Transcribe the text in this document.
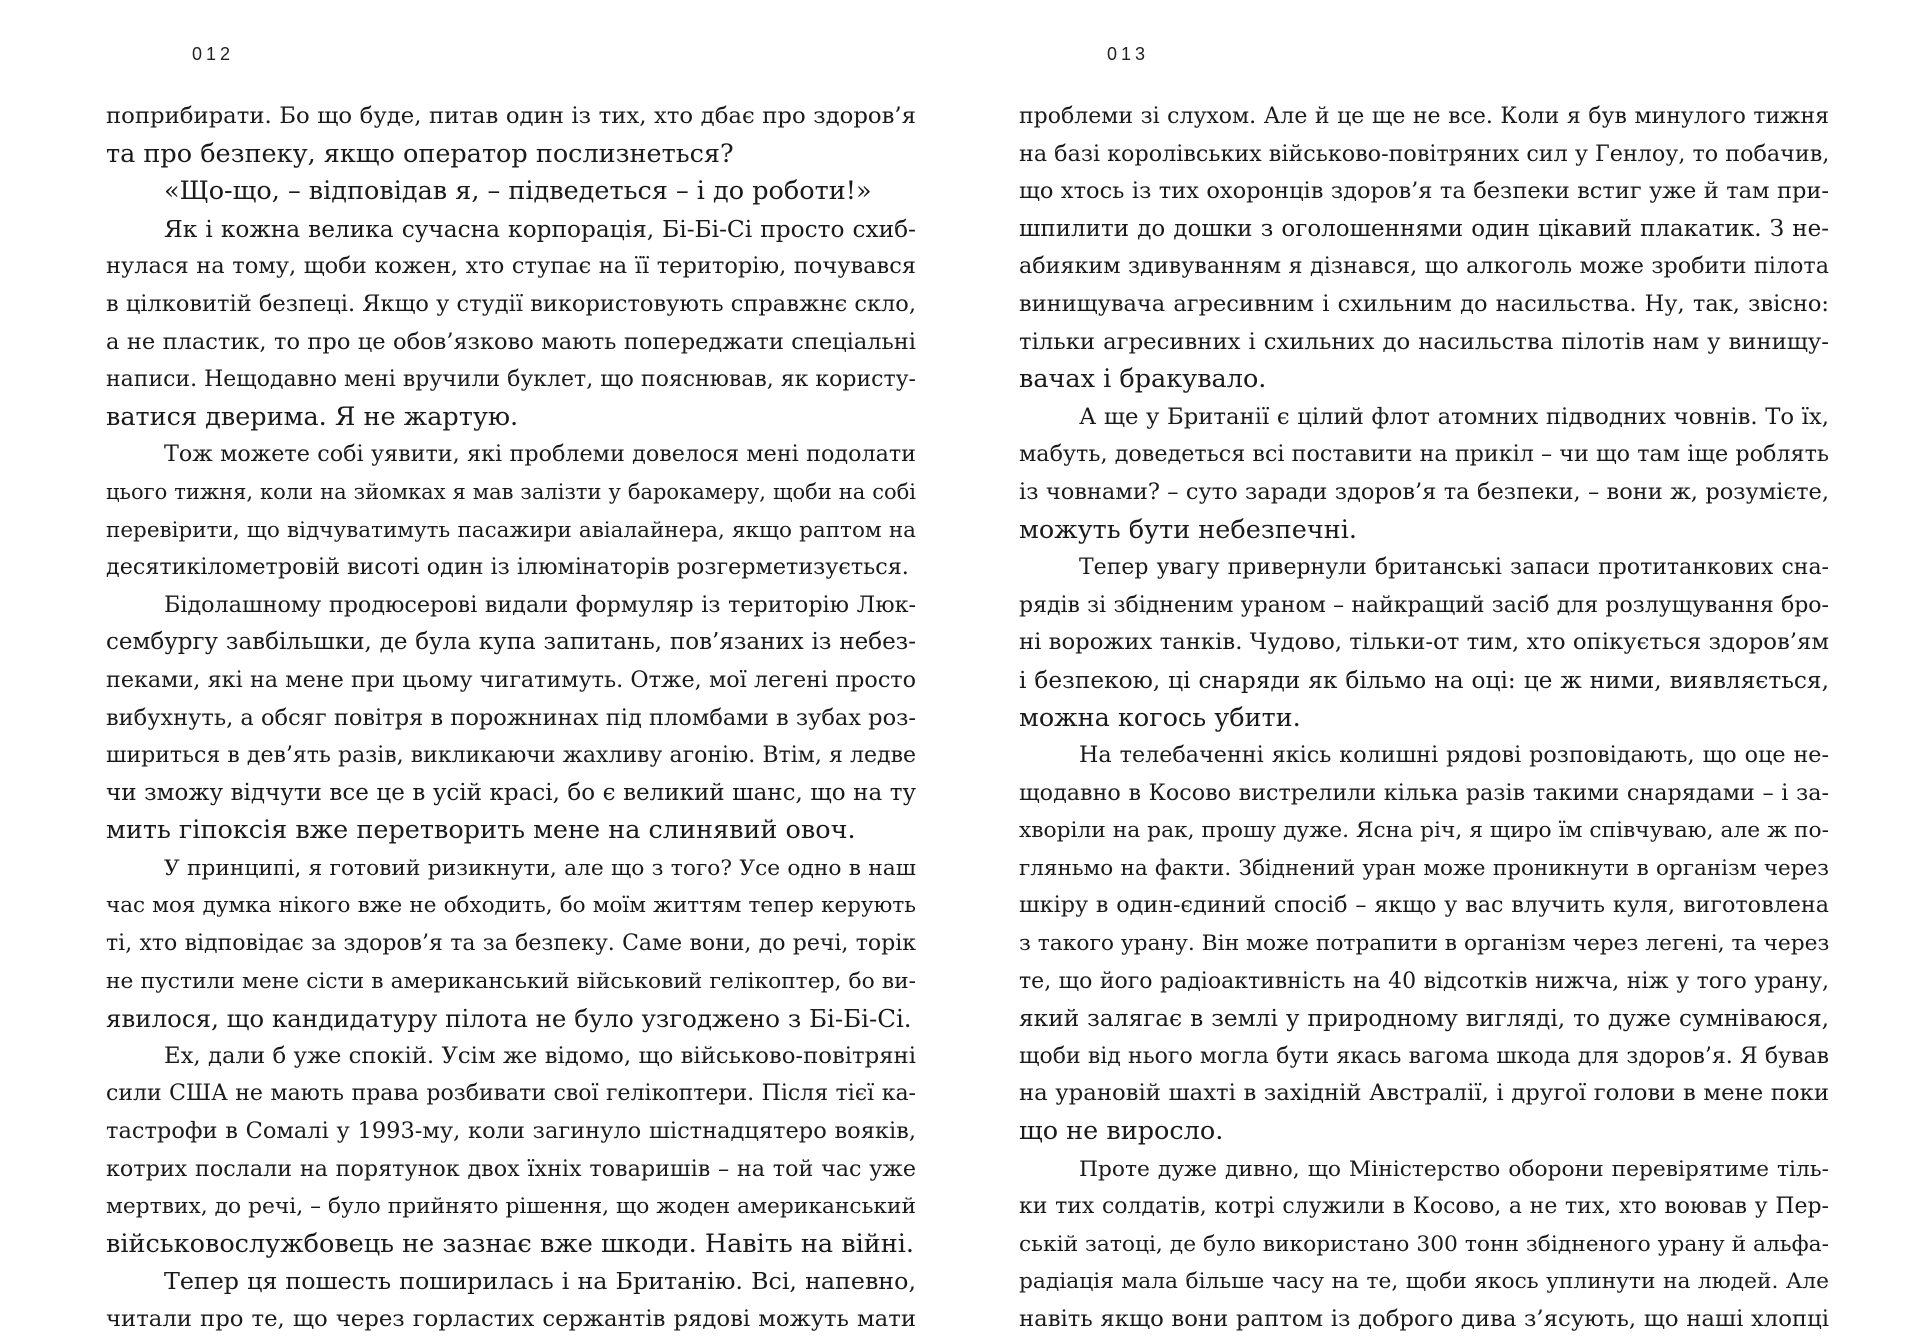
012
поприбирати. Бо що буде, питав один із тих, хто дбає про здоров’я
та про безпеку, якщо оператор послизнеться?
«Що-що, – відповідав я, – підведеться – і до роботи!»
Як і кожна велика сучасна корпорація, Бі-Бі-Сі просто схиб-
нулася на тому, щоби кожен, хто ступає на її територію, почувався
в цілковитій безпеці. Якщо у студії використовують справжнє скло,
а не пластик, то про це обов’язково мають попереджати спеціальні
написи. Нещодавно мені вручили буклет, що пояснював, як користу-
ватися дверима. Я не жартую.
Тож можете собі уявити, які проблеми довелося мені подолати
цього тижня, коли на зйомках я мав залізти у барокамеру, щоби на собі
перевірити, що відчуватимуть пасажири авіалайнера, якщо раптом на
десятикілометровій висоті один із ілюмінаторів розгерметизується.
Бідолашному продюсерові видали формуляр із територію Люк-
сембургу завбільшки, де була купа запитань, пов’язаних із небез-
пеками, які на мене при цьому чигатимуть. Отже, мої легені просто
вибухнуть, а обсяг повітря в порожнинах під пломбами в зубах роз-
шириться в дев’ять разів, викликаючи жахливу агонію. Втім, я ледве
чи зможу відчути все це в усій красі, бо є великий шанс, що на ту
мить гіпоксія вже перетворить мене на слинявий овоч.
У принципі, я готовий ризикнути, але що з того? Усе одно в наш
час моя думка нікого вже не обходить, бо моїм життям тепер керують
ті, хто відповідає за здоров’я та за безпеку. Саме вони, до речі, торік
не пустили мене сісти в американський військовий гелікоптер, бо ви-
явилося, що кандидатуру пілота не було узгоджено з Бі-Бі-Сі.
Ех, дали б уже спокій. Усім же відомо, що військово-повітряні
сили США не мають права розбивати свої гелікоптери. Після тієї ка-
тастрофи в Сомалі у 1993-му, коли загинуло шістнадцятеро вояків,
котрих послали на порятунок двох їхніх товаришів – на той час уже
мертвих, до речі, – було прийнято рішення, що жоден американський
військовослужбовець не зазнає вже шкоди. Навіть на війні.
Тепер ця пошесть поширилась і на Британію. Всі, напевно,
читали про те, що через горластих сержантів рядові можуть мати
013
проблеми зі слухом. Але й це ще не все. Коли я був минулого тижня
на базі королівських військово-повітряних сил у Генлоу, то побачив,
що хтось із тих охоронців здоров’я та безпеки встиг уже й там при-
шпилити до дошки з оголошеннями один цікавий плакатик. З не-
абияким здивуванням я дізнався, що алкоголь може зробити пілота
винищувача агресивним і схильним до насильства. Ну, так, звісно:
тільки агресивних і схильних до насильства пілотів нам у винищу-
вачах і бракувало.
А ще у Британії є цілий флот атомних підводних човнів. То їх,
мабуть, доведеться всі поставити на прикіл – чи що там іще роблять
із човнами? – суто заради здоров’я та безпеки, – вони ж, розумієте,
можуть бути небезпечні.
Тепер увагу привернули британські запаси протитанкових сна-
рядів зі збідненим ураном – найкращий засіб для розлущування бро-
ні ворожих танків. Чудово, тільки-от тим, хто опікується здоров’ям
і безпекою, ці снаряди як більмо на оці: це ж ними, виявляється,
можна когось убити.
На телебаченні якісь колишні рядові розповідають, що оце не-
щодавно в Косово вистрелили кілька разів такими снарядами – і за-
хворіли на рак, прошу дуже. Ясна річ, я щиро їм співчуваю, але ж по-
гляньмо на факти. Збіднений уран може проникнути в організм через
шкіру в один-єдиний спосіб – якщо у вас влучить куля, виготовлена
з такого урану. Він може потрапити в організм через легені, та через
те, що його радіоактивність на 40 відсотків нижча, ніж у того урану,
який залягає в землі у природному вигляді, то дуже сумніваюся,
щоби від нього могла бути якась вагома шкода для здоров’я. Я бував
на урановій шахті в західній Австралії, і другої голови в мене поки
що не виросло.
Проте дуже дивно, що Міністерство оборони перевірятиме тіль-
ки тих солдатів, котрі служили в Косово, а не тих, хто воював у Пер-
ській затоці, де було використано 300 тонн збідненого урану й альфа-
радіація мала більше часу на те, щоби якось уплинути на людей. Але
навіть якщо вони раптом із доброго дива з’ясують, що наші хлопці
